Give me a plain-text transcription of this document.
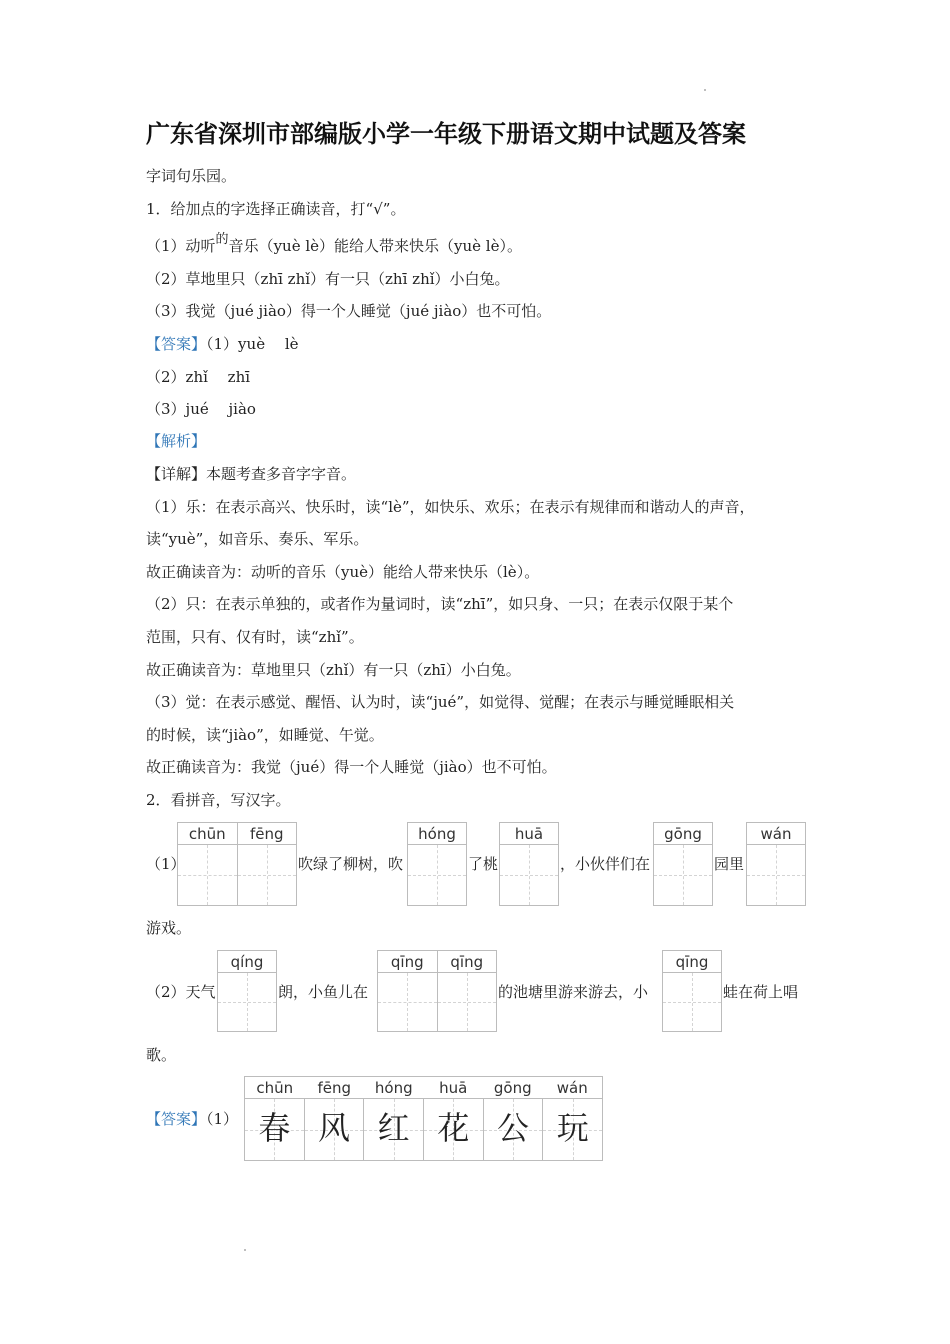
广东省深圳市部编版小学一年级下册语文期中试题及答案
字词句乐园。
1．给加点的字选择正确读音，打“√”。
（1）动听的音乐（yuè lè）能给人带来快乐（yuè lè）。
（2）草地里只（zhī zhǐ）有一只（zhī zhǐ）小白兔。
（3）我觉（jué jiào）得一个人睡觉（jué jiào）也不可怕。
【答案】（1）yuè　 lè
（2）zhǐ　 zhī
（3）jué　 jiào
【解析】
【详解】本题考查多音字字音。
（1）乐：在表示高兴、快乐时，读“lè”，如快乐、欢乐；在表示有规律而和谐动人的声音，
读“yuè”，如音乐、奏乐、军乐。
故正确读音为：动听的音乐（yuè）能给人带来快乐（lè）。
（2）只：在表示单独的，或者作为量词时，读“zhī”，如只身、一只；在表示仅限于某个
范围，只有、仅有时，读“zhǐ”。
故正确读音为：草地里只（zhǐ）有一只（zhī）小白兔。
（3）觉：在表示感觉、醒悟、认为时，读“jué”，如觉得、觉醒；在表示与睡觉睡眠相关
的时候，读“jiào”，如睡觉、午觉。
故正确读音为：我觉（jué）得一个人睡觉（jiào）也不可怕。
2．看拼音，写汉字。
（1）
chūn	fēng
吹绿了柳树，吹
hóng
了桃
huā
，小伙伴们在
gōng
园里
wán
游戏。
（2）天气
qíng
朗，小鱼儿在
qīng	qīng
的池塘里游来游去，小
qīng
蛙在荷上唱
歌。
【答案】（1）
chūn	fēng	hóng	huā	gōng	wán
春 风 红 花 公 玩
